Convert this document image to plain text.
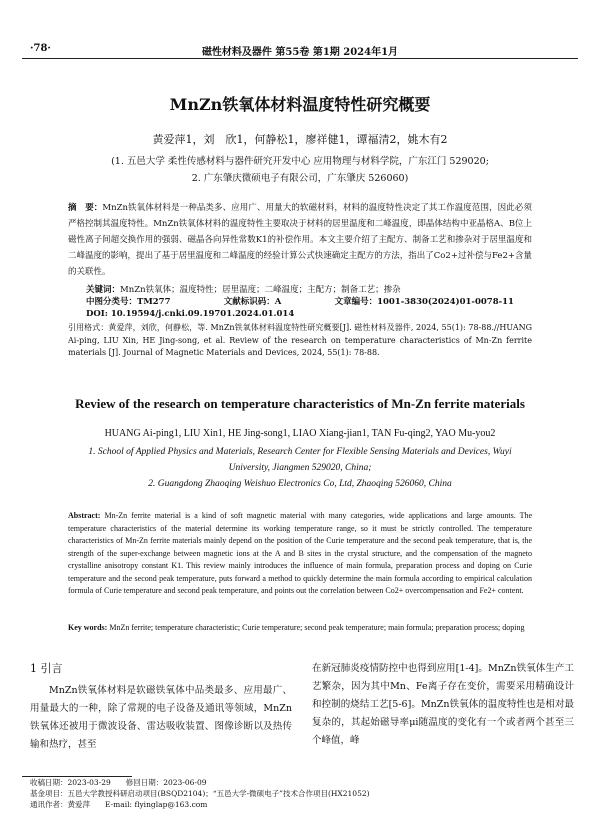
·78·	磁性材料及器件 第55卷 第1期 2024年1月
MnZn铁氧体材料温度特性研究概要
黄爱萍1，刘　欣1，何静松1，廖祥健1，谭福清2，姚木有2
(1. 五邑大学 柔性传感材料与器件研究开发中心 应用物理与材料学院，广东江门 529020;
2. 广东肇庆微硕电子有限公司，广东肇庆 526060)
摘　要：MnZn铁氧体材料是一种品类多、应用广、用量大的软磁材料，材料的温度特性决定了其工作温度范围，因此必须严格控制其温度特性。MnZn铁氧体材料的温度特性主要取决于材料的居里温度和二峰温度，即晶体结构中亚晶格A、B位上磁性离子间超交换作用的强弱、磁晶各向异性常数K1的补偿作用。本文主要介绍了主配方、制备工艺和掺杂对于居里温度和二峰温度的影响，提出了基于居里温度和二峰温度的经验计算公式快速确定主配方的方法，指出了Co2+过补偿与Fe2+含量的关联性。
关键词：MnZn铁氧体；温度特性；居里温度；二峰温度；主配方；制备工艺；掺杂
中图分类号：TM277	文献标识码：A	文章编号：1001-3830(2024)01-0078-11
DOI: 10.19594/j.cnki.09.19701.2024.01.014
引用格式：黄爱萍，刘欣，何静松，等. MnZn铁氧体材料温度特性研究概要[J]. 磁性材料及器件, 2024, 55(1): 78-88.//HUANG Ai-ping, LIU Xin, HE Jing-song, et al. Review of the research on temperature characteristics of Mn-Zn ferrite materials [J]. Journal of Magnetic Materials and Devices, 2024, 55(1): 78-88.
Review of the research on temperature characteristics of Mn-Zn ferrite materials
HUANG Ai-ping1, LIU Xin1, HE Jing-song1, LIAO Xiang-jian1, TAN Fu-qing2, YAO Mu-you2
1. School of Applied Physics and Materials, Research Center for Flexible Sensing Materials and Devices, Wuyi University, Jiangmen 529020, China;
2. Guangdong Zhaoqing Weishuo Electronics Co, Ltd, Zhaoqing 526060, China
Abstract: Mn-Zn ferrite material is a kind of soft magnetic material with many categories, wide applications and large amounts. The temperature characteristics of the material determine its working temperature range, so it must be strictly controlled. The temperature characteristics of Mn-Zn ferrite materials mainly depend on the position of the Curie temperature and the second peak temperature, that is, the strength of the super-exchange between magnetic ions at the A and B sites in the crystal structure, and the compensation of the magneto crystalline anisotropy constant K1. This review mainly introduces the influence of main formula, preparation process and doping on Curie temperature and the second peak temperature, puts forward a method to quickly determine the main formula according to empirical calculation formula of Curie temperature and second peak temperature, and points out the correlation between Co2+ overcompensation and Fe2+ content.
Key words: MnZn ferrite; temperature characteristic; Curie temperature; second peak temperature; main formula; preparation process; doping
1 引言
MnZn铁氧体材料是软磁铁氧体中品类最多、应用最广、用量最大的一种，除了常规的电子设备及通讯等领域，MnZn铁氧体还被用于微波设备、雷达吸收装置、图像诊断以及热传输和热疗，甚至
在新冠肺炎疫情防控中也得到应用[1-4]。MnZn铁氧体生产工艺繁杂，因为其中Mn、Fe离子存在变价，需要采用精确设计和控制的烧结工艺[5-6]。MnZn铁氧体的温度特性也是相对最复杂的，其起始磁导率μi随温度的变化有一个或者两个甚至三个峰值，峰
收稿日期：2023-03-29　　修回日期：2023-06-09
基金项目：五邑大学教授科研启动项目(BSQD2104)；“五邑大学-微硕电子”技术合作项目(HX21052)
通讯作者：黄爱萍　　E-mail: flyinglap@163.com
